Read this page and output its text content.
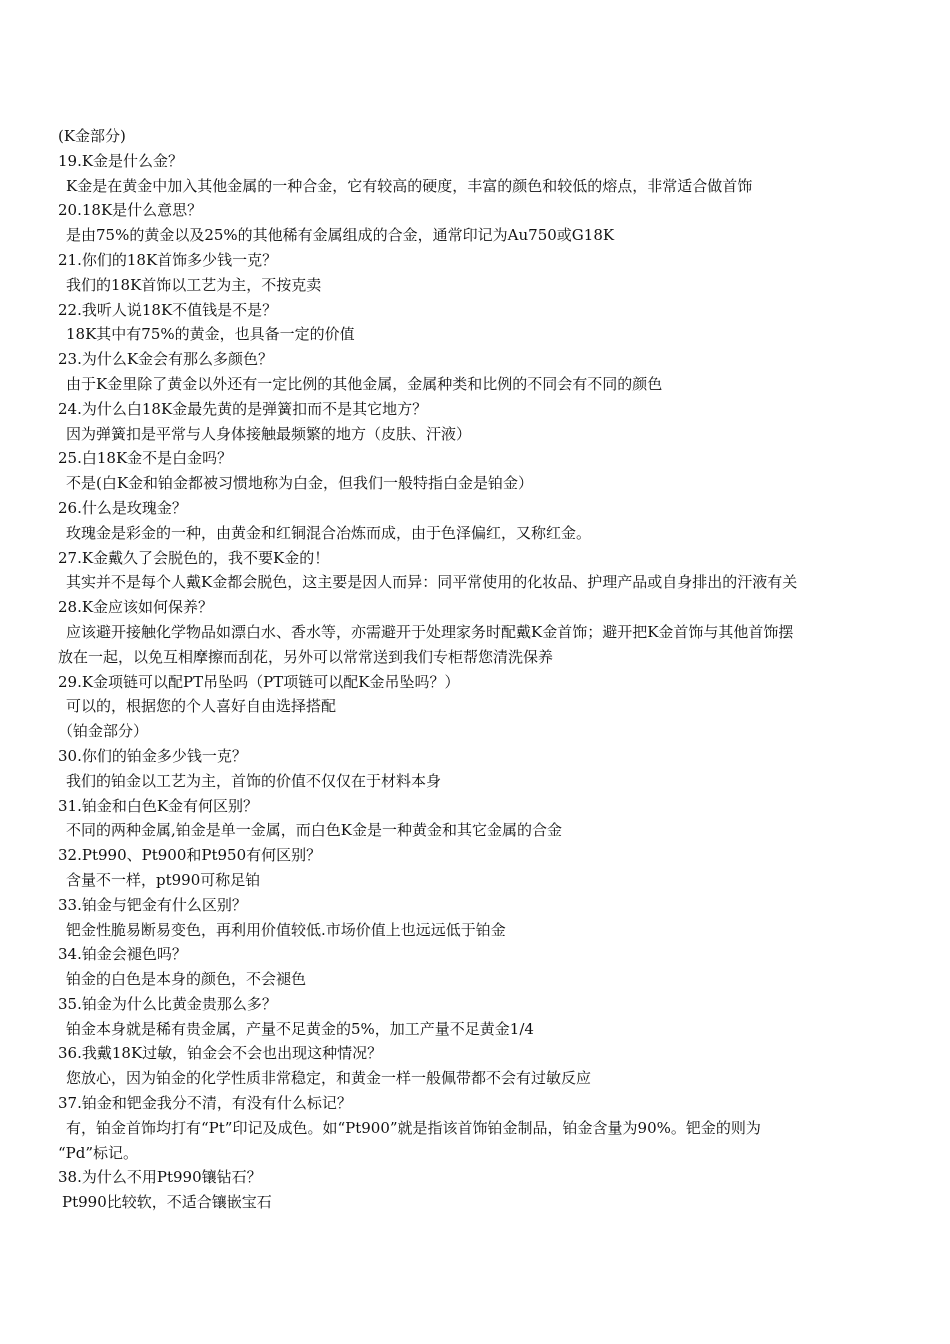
(K金部分)
19.K金是什么金？
K金是在黄金中加入其他金属的一种合金，它有较高的硬度，丰富的颜色和较低的熔点，非常适合做首饰
20.18K是什么意思？
是由75%的黄金以及25%的其他稀有金属组成的合金，通常印记为Au750或G18K
21.你们的18K首饰多少钱一克？
我们的18K首饰以工艺为主，不按克卖
22.我听人说18K不值钱是不是？
18K其中有75%的黄金，也具备一定的价值
23.为什么K金会有那么多颜色？
由于K金里除了黄金以外还有一定比例的其他金属，金属种类和比例的不同会有不同的颜色
24.为什么白18K金最先黄的是弹簧扣而不是其它地方？
因为弹簧扣是平常与人身体接触最频繁的地方（皮肤、汗液）
25.白18K金不是白金吗？
不是(白K金和铂金都被习惯地称为白金，但我们一般特指白金是铂金）
26.什么是玫瑰金？
玫瑰金是彩金的一种，由黄金和红铜混合冶炼而成，由于色泽偏红，又称红金。
27.K金戴久了会脱色的，我不要K金的！
其实并不是每个人戴K金都会脱色，这主要是因人而异：同平常使用的化妆品、护理产品或自身排出的汗液有关
28.K金应该如何保养？
应该避开接触化学物品如漂白水、香水等，亦需避开于处理家务时配戴K金首饰；避开把K金首饰与其他首饰摆
放在一起，以免互相摩擦而刮花，另外可以常常送到我们专柜帮您清洗保养
29.K金项链可以配PT吊坠吗（PT项链可以配K金吊坠吗？）
可以的，根据您的个人喜好自由选择搭配
（铂金部分）
30.你们的铂金多少钱一克？
我们的铂金以工艺为主，首饰的价值不仅仅在于材料本身
31.铂金和白色K金有何区别？
不同的两种金属,铂金是单一金属，而白色K金是一种黄金和其它金属的合金
32.Pt990、Pt900和Pt950有何区别？
含量不一样，pt990可称足铂
33.铂金与钯金有什么区别？
钯金性脆易断易变色，再利用价值较低.市场价值上也远远低于铂金
34.铂金会褪色吗？
铂金的白色是本身的颜色，不会褪色
35.铂金为什么比黄金贵那么多？
铂金本身就是稀有贵金属，产量不足黄金的5%，加工产量不足黄金1/4
36.我戴18K过敏，铂金会不会也出现这种情况？
您放心，因为铂金的化学性质非常稳定，和黄金一样一般佩带都不会有过敏反应
37.铂金和钯金我分不清，有没有什么标记？
有，铂金首饰均打有“Pt”印记及成色。如“Pt900”就是指该首饰铂金制品，铂金含量为90%。钯金的则为
“Pd”标记。
38.为什么不用Pt990镶钻石？
Pt990比较软，不适合镶嵌宝石
